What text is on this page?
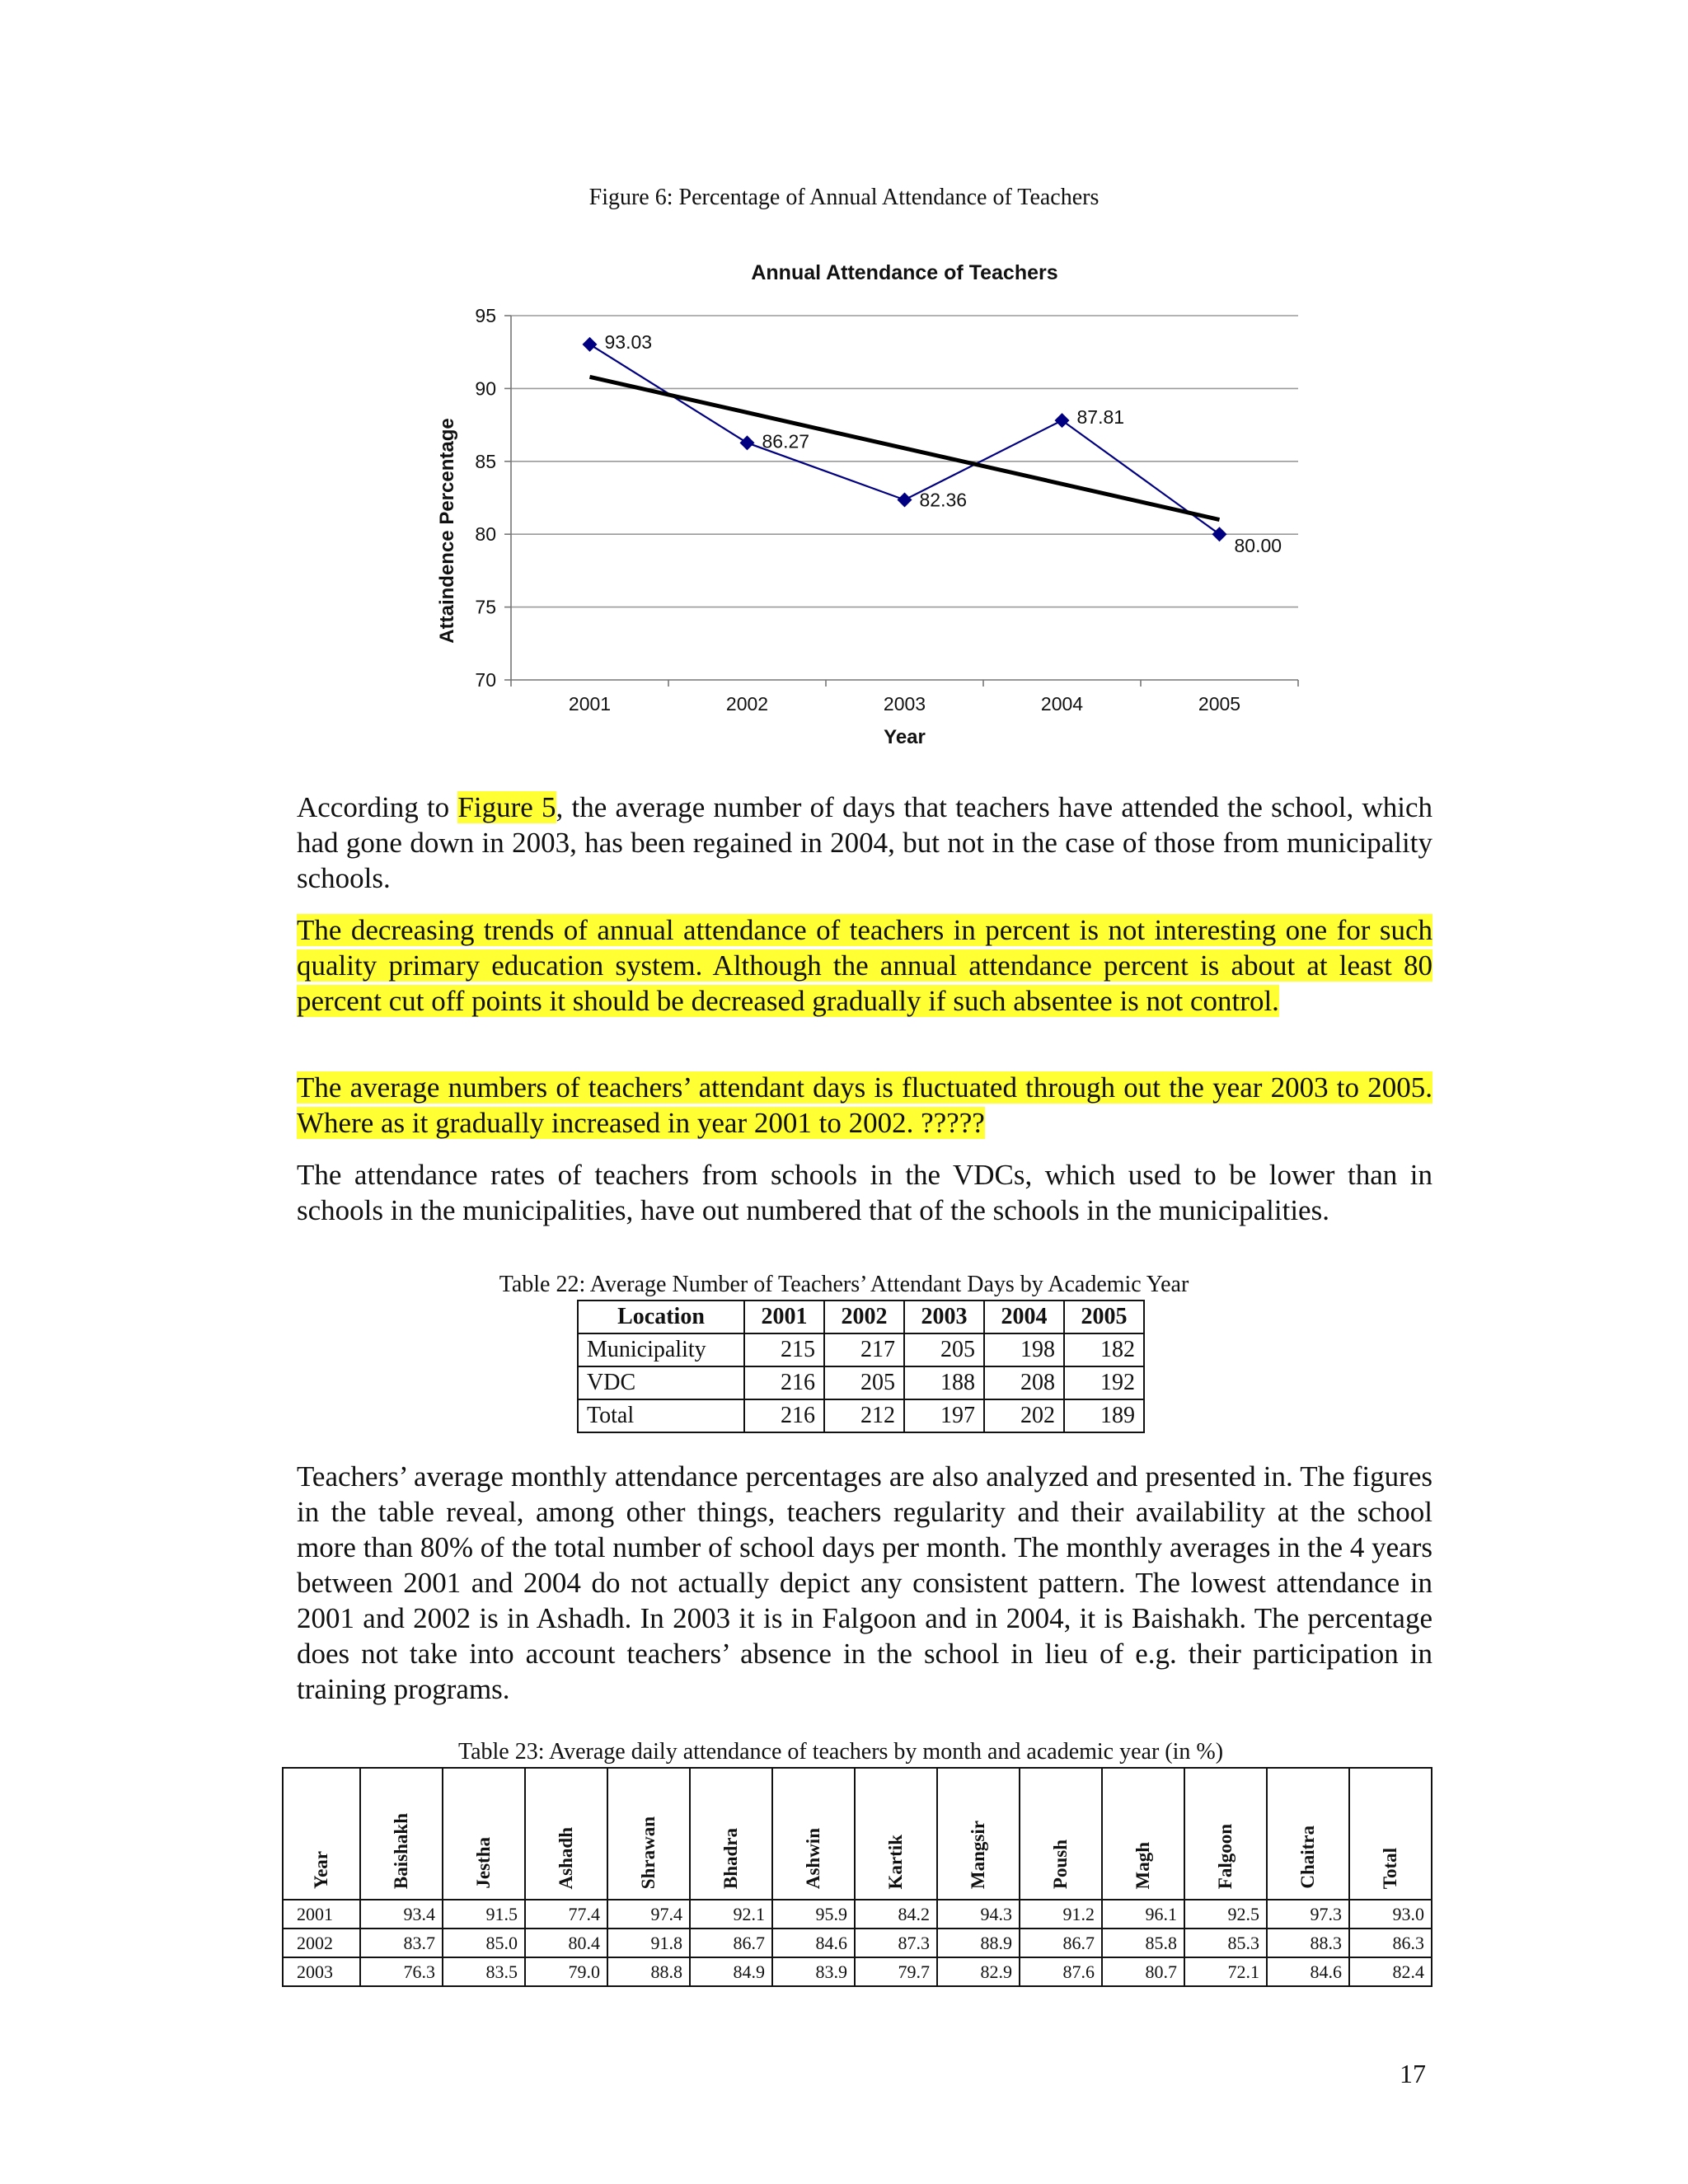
Figure 6: Percentage of Annual Attendance of Teachers
Annual Attendance of Teachers
70
75
80
85
90
95
2001	2002	2003	2004	2005
Year
Attaindence Percentage
93.03
86.27
82.36
87.81
80.00
According to Figure 5, the average number of days that teachers have attended the school, which had gone down in 2003, has been regained in 2004, but not in the case of those from municipality schools.
The decreasing trends of annual attendance of teachers in percent is not interesting one for such quality primary education system. Although the annual attendance percent is about at least 80 percent cut off points it should be decreased gradually if such absentee is not control.
The average numbers of teachers’ attendant days is fluctuated through out the year 2003 to 2005. Where as it gradually increased in year 2001 to 2002. ?????
The attendance rates of teachers from schools in the VDCs, which used to be lower than in schools in the municipalities, have out numbered that of the schools in the municipalities.
Table 22: Average Number of Teachers’ Attendant Days by Academic Year
Location	2001	2002	2003	2004	2005
Municipality	215	217	205	198	182
VDC	216	205	188	208	192
Total	216	212	197	202	189
Teachers’ average monthly attendance percentages are also analyzed and presented in. The figures in the table reveal, among other things, teachers regularity and their availability at the school more than 80% of the total number of school days per month. The monthly averages in the 4 years between 2001 and 2004 do not actually depict any consistent pattern. The lowest attendance in 2001 and 2002 is in Ashadh. In 2003 it is in Falgoon and in 2004, it is Baishakh. The percentage does not take into account teachers’ absence in the school in lieu of e.g. their participation in training programs.
Table 23: Average daily attendance of teachers by month and academic year (in %)
Year	Baishakh	Jestha	Ashadh	Shrawan	Bhadra	Ashwin	Kartik	Mangsir	Poush	Magh	Falgoon	Chaitra	Total

2001	93.4	91.5	77.4	97.4	92.1	95.9	84.2	94.3	91.2	96.1	92.5	97.3	93.0
2002	83.7	85.0	80.4	91.8	86.7	84.6	87.3	88.9	86.7	85.8	85.3	88.3	86.3
2003	76.3	83.5	79.0	88.8	84.9	83.9	79.7	82.9	87.6	80.7	72.1	84.6	82.4
17
